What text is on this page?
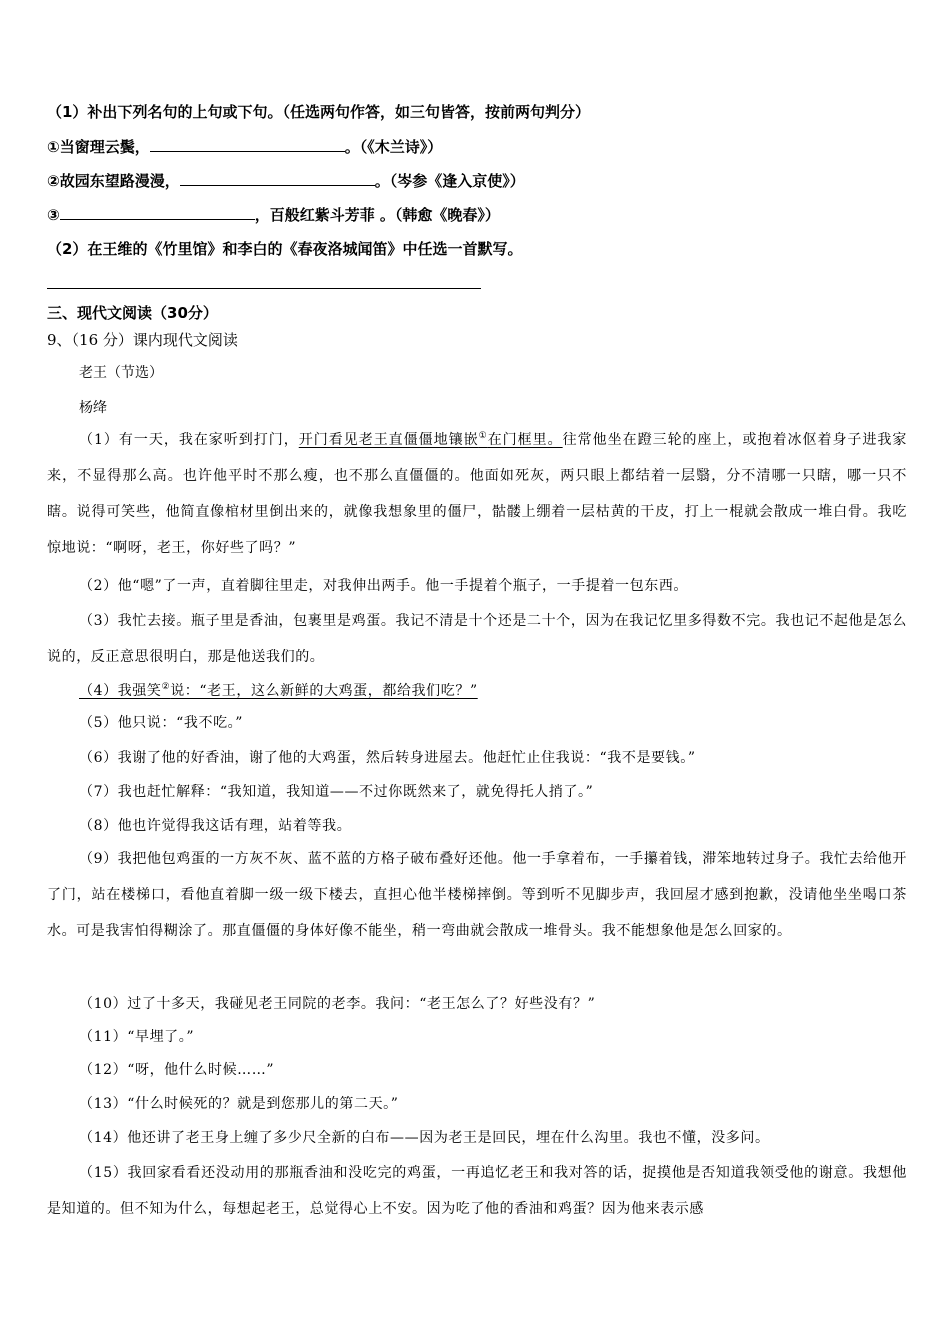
（1）补出下列名句的上句或下句。（任选两句作答，如三句皆答，按前两句判分）
①当窗理云鬓，	。（《木兰诗》）
②故园东望路漫漫，	。（岑参《逢入京使》）
③	，百般红紫斗芳菲 。（韩愈《晚春》）
（2）在王维的《竹里馆》和李白的《春夜洛城闻笛》中任选一首默写。
三、现代文阅读（30分）
9、（16 分）课内现代文阅读
老王（节选）
杨绛
（1）有一天，我在家听到打门，开门看见老王直僵僵地镶嵌①在门框里。往常他坐在蹬三轮的座上，或抱着冰伛着身子进我家来，不显得那么高。也许他平时不那么瘦，也不那么直僵僵的。他面如死灰，两只眼上都结着一层翳，分不清哪一只瞎，哪一只不瞎。说得可笑些，他简直像棺材里倒出来的，就像我想象里的僵尸，骷髅上绷着一层枯黄的干皮，打上一棍就会散成一堆白骨。我吃惊地说：“啊呀，老王，你好些了吗？”
（2）他“嗯”了一声，直着脚往里走，对我伸出两手。他一手提着个瓶子，一手提着一包东西。
（3）我忙去接。瓶子里是香油，包裹里是鸡蛋。我记不清是十个还是二十个，因为在我记忆里多得数不完。我也记不起他是怎么说的，反正意思很明白，那是他送我们的。
（4）我强笑②说：“老王，这么新鲜的大鸡蛋，都给我们吃？”
（5）他只说：“我不吃。”
（6）我谢了他的好香油，谢了他的大鸡蛋，然后转身进屋去。他赶忙止住我说：“我不是要钱。”
（7）我也赶忙解释：“我知道，我知道——不过你既然来了，就免得托人捎了。”
（8）他也许觉得我这话有理，站着等我。
（9）我把他包鸡蛋的一方灰不灰、蓝不蓝的方格子破布叠好还他。他一手拿着布，一手攥着钱，滞笨地转过身子。我忙去给他开了门，站在楼梯口，看他直着脚一级一级下楼去，直担心他半楼梯摔倒。等到听不见脚步声，我回屋才感到抱歉，没请他坐坐喝口茶水。可是我害怕得糊涂了。那直僵僵的身体好像不能坐，稍一弯曲就会散成一堆骨头。我不能想象他是怎么回家的。
（10）过了十多天，我碰见老王同院的老李。我问：“老王怎么了？好些没有？”
（11）“早埋了。”
（12）“呀，他什么时候……”
（13）“什么时候死的？就是到您那儿的第二天。”
（14）他还讲了老王身上缠了多少尺全新的白布——因为老王是回民，埋在什么沟里。我也不懂，没多问。
（15）我回家看看还没动用的那瓶香油和没吃完的鸡蛋，一再追忆老王和我对答的话，捉摸他是否知道我领受他的谢意。我想他是知道的。但不知为什么，每想起老王，总觉得心上不安。因为吃了他的香油和鸡蛋？因为他来表示感
